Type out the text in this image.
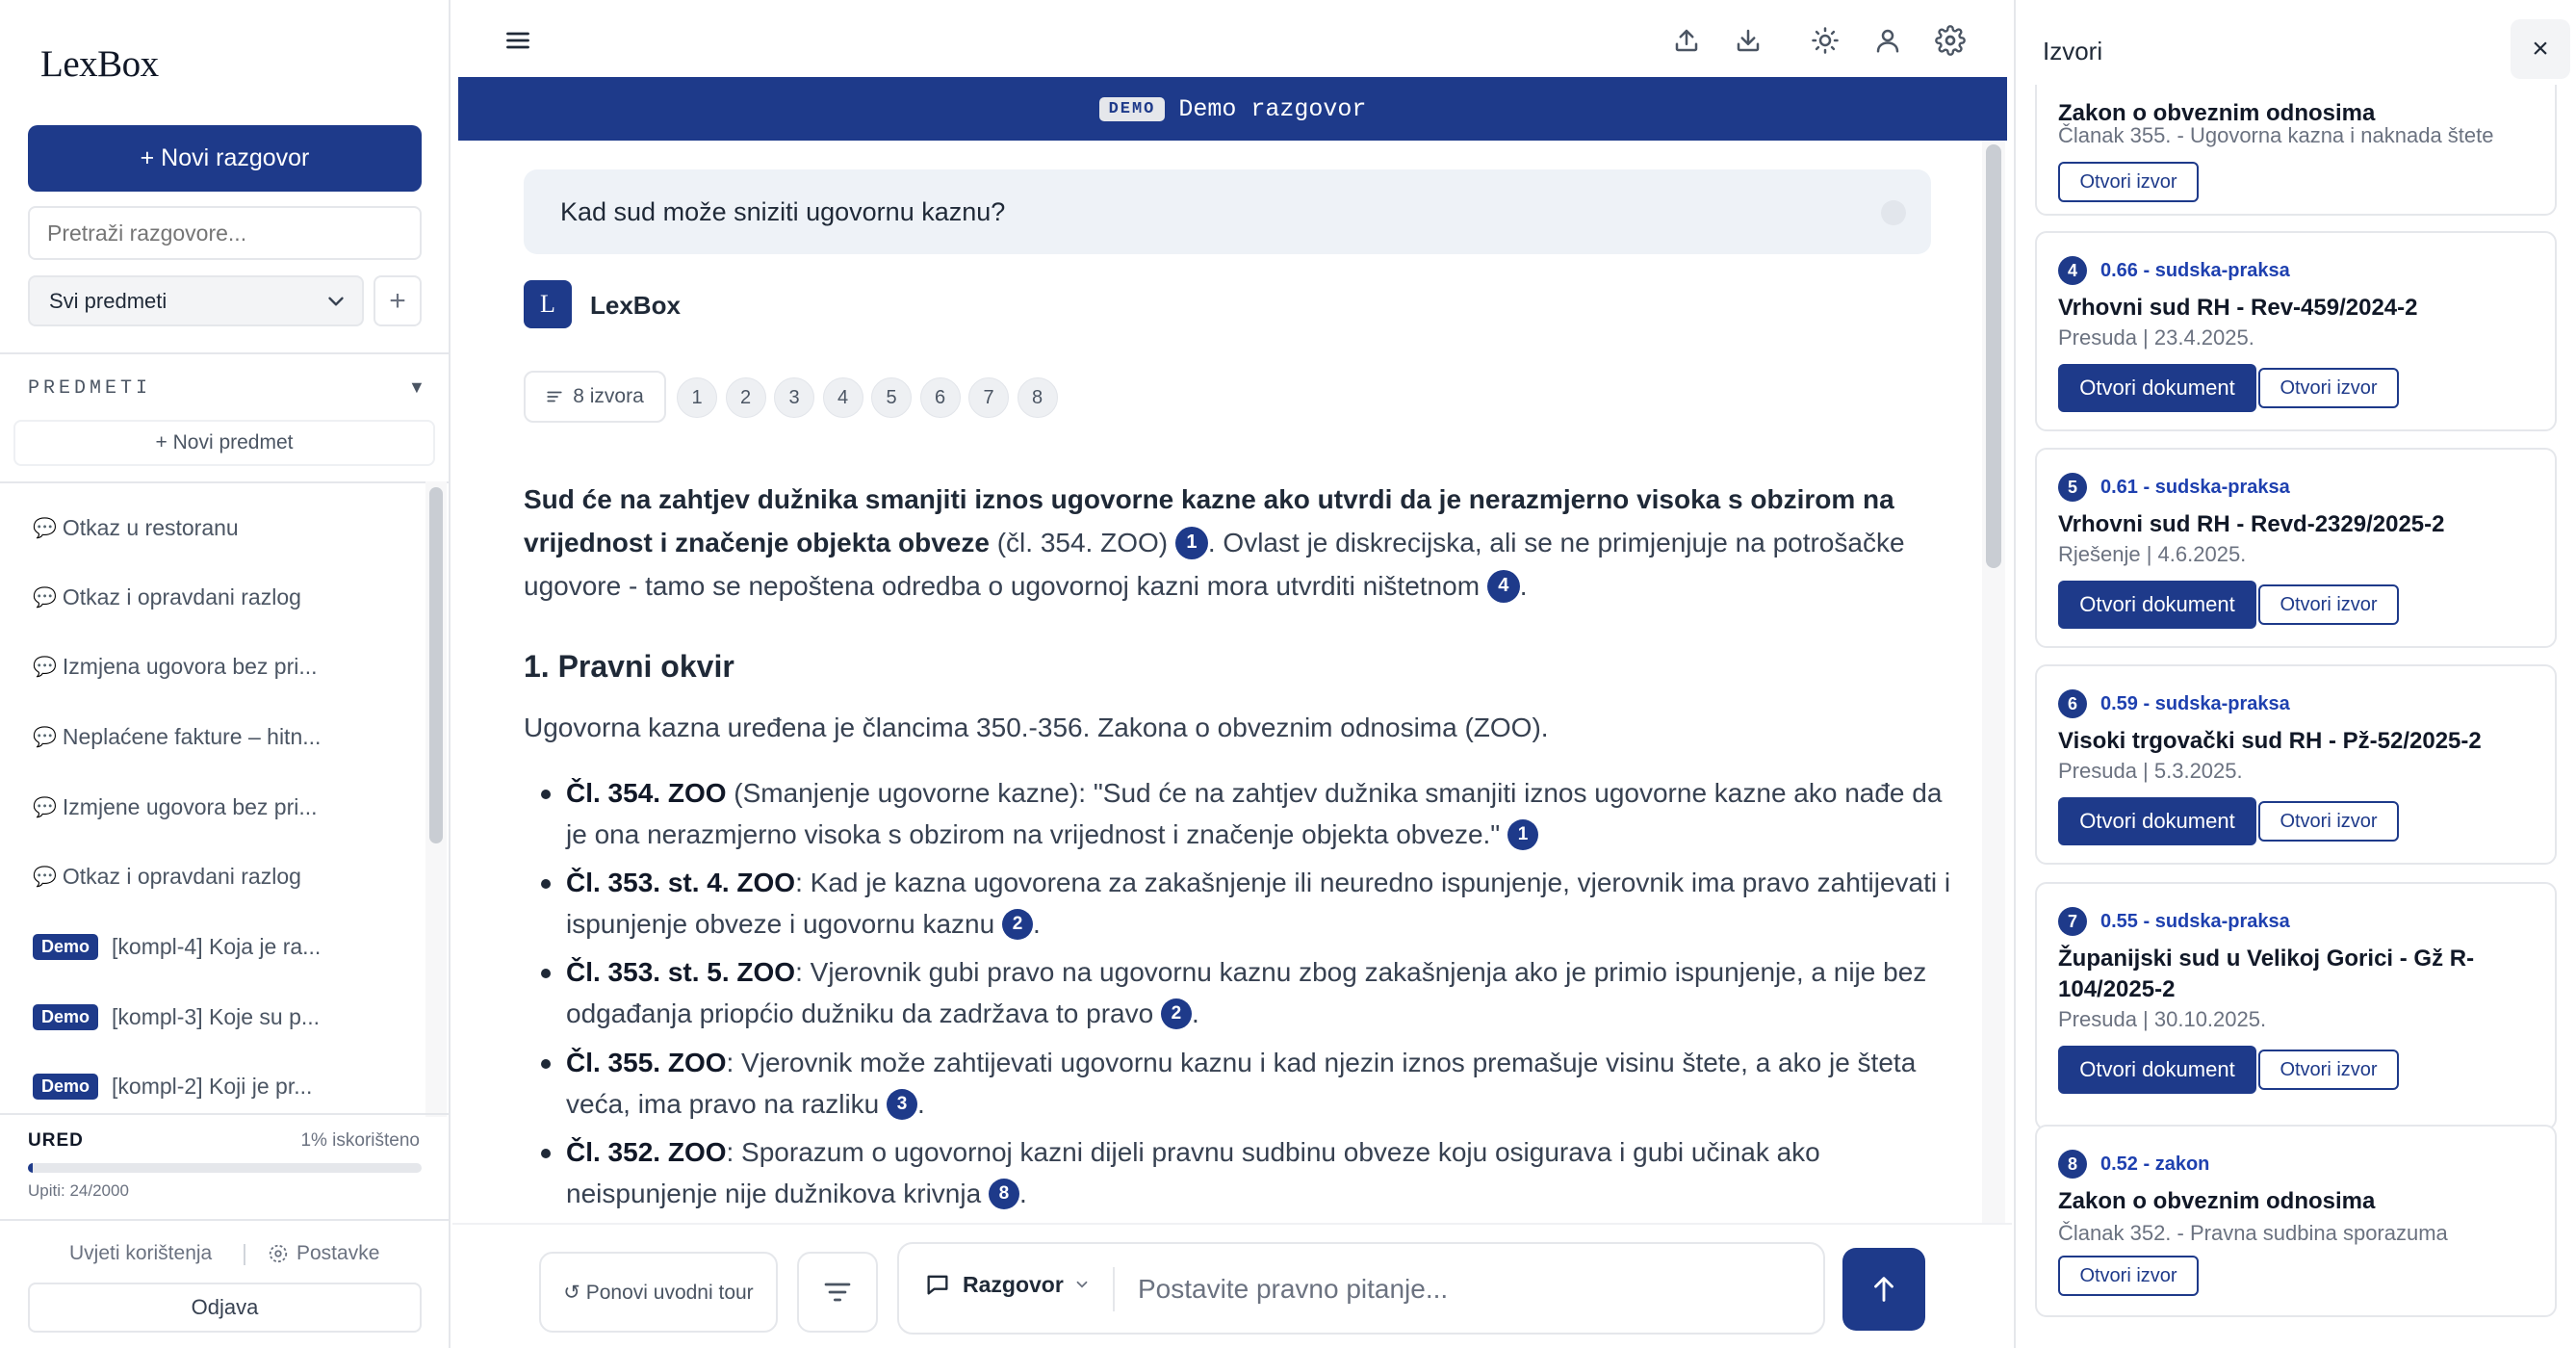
LexBox
+ Novi razgovor
Pretraži razgovore...
Svi predmeti	+
PREDMETI	▼
+ Novi predmet
💬 Otkaz u restoranu
💬 Otkaz i opravdani razlog
💬 Izmjena ugovora bez pri...
💬 Neplaćene fakture – hitn...
💬 Izmjene ugovora bez pri...
💬 Otkaz i opravdani razlog
Demo	[kompl-4] Koja je ra...
Demo	[kompl-3] Koje su p...
Demo	[kompl-2] Koji je pr...
URED	1% iskorišteno
Upiti: 24/2000
Uvjeti korištenja	Postavke
Odjava
DEMO Demo razgovor
Kad sud može sniziti ugovornu kaznu?
L	LexBox
8 izvora	1	2	3	4	5	6	7	8
Sud će na zahtjev dužnika smanjiti iznos ugovorne kazne ako utvrdi da je nerazmjerno visoka s obzirom na vrijednost i značenje objekta obveze (čl. 354. ZOO) 1 . Ovlast je diskrecijska, ali se ne primjenjuje na potrošačke ugovore - tamo se nepoštena odredba o ugovornoj kazni mora utvrditi ništetnom 4 .
1. Pravni okvir
Ugovorna kazna uređena je člancima 350.-356. Zakona o obveznim odnosima (ZOO).
Čl. 354. ZOO (Smanjenje ugovorne kazne): "Sud će na zahtjev dužnika smanjiti iznos ugovorne kazne ako nađe da je ona nerazmjerno visoka s obzirom na vrijednost i značenje objekta obveze." 1
Čl. 353. st. 4. ZOO: Kad je kazna ugovorena za zakašnjenje ili neuredno ispunjenje, vjerovnik ima pravo zahtijevati i ispunjenje obveze i ugovornu kaznu 2 .
Čl. 353. st. 5. ZOO: Vjerovnik gubi pravo na ugovornu kaznu zbog zakašnjenja ako je primio ispunjenje, a nije bez odgađanja priopćio dužniku da zadržava to pravo 2 .
Čl. 355. ZOO: Vjerovnik može zahtijevati ugovornu kaznu i kad njezin iznos premašuje visinu štete, a ako je šteta veća, ima pravo na razliku 3 .
Čl. 352. ZOO: Sporazum o ugovornoj kazni dijeli pravnu sudbinu obveze koju osigurava i gubi učinak ako neispunjenje nije dužnikova krivnja 8 .
↺ Ponovi uvodni tour	Razgovor
Postavite pravno pitanje...
Izvori	×
Zakon o obveznim odnosima
Članak 355. - Ugovorna kazna i naknada štete
Otvori izvor
4	0.66 - sudska-praksa
Vrhovni sud RH - Rev-459/2024-2
Presuda | 23.4.2025.
Otvori dokument	Otvori izvor
5	0.61 - sudska-praksa
Vrhovni sud RH - Revd-2329/2025-2
Rješenje | 4.6.2025.
Otvori dokument	Otvori izvor
6	0.59 - sudska-praksa
Visoki trgovački sud RH - Pž-52/2025-2
Presuda | 5.3.2025.
Otvori dokument	Otvori izvor
7	0.55 - sudska-praksa
Županijski sud u Velikoj Gorici - Gž R-104/2025-2
Presuda | 30.10.2025.
Otvori dokument	Otvori izvor
8	0.52 - zakon
Zakon o obveznim odnosima
Članak 352. - Pravna sudbina sporazuma
Otvori izvor
